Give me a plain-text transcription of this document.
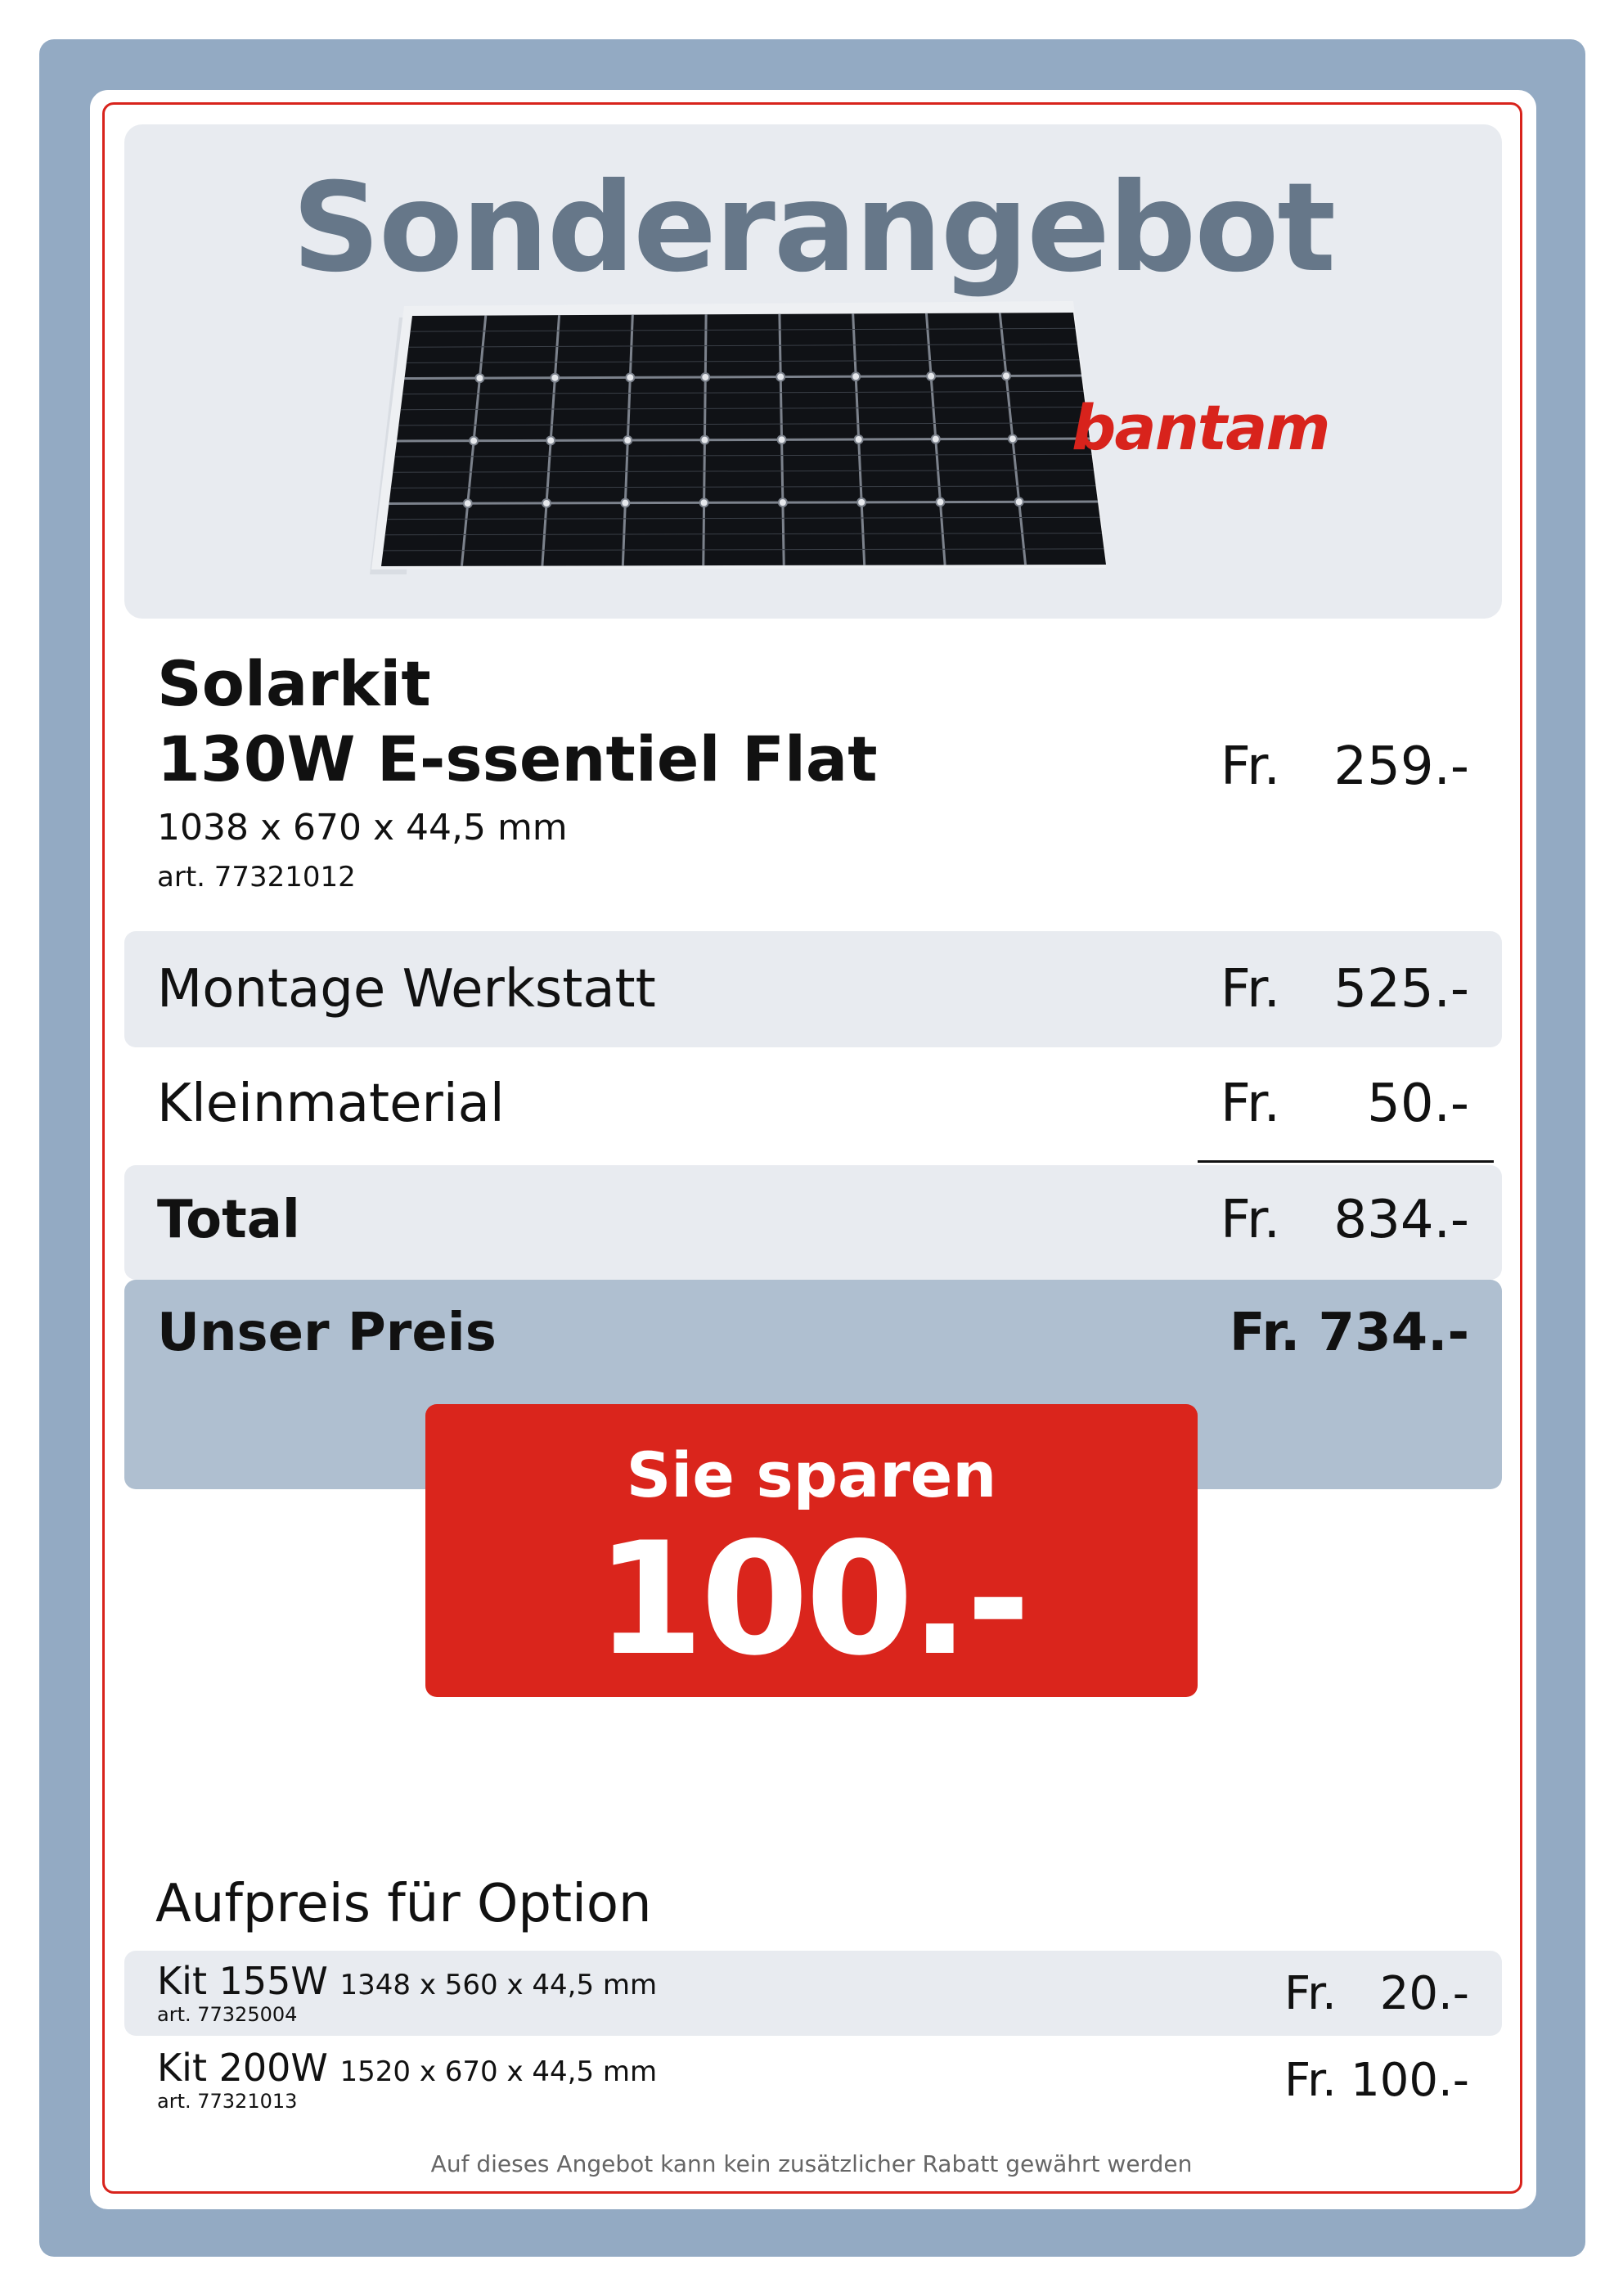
Sonderangebot
bantam
Solarkit
130W E-ssentiel Flat
1038 x 670 x 44,5 mm
art. 77321012
Fr. 259.-
Montage Werkstatt	Fr. 525.-
Kleinmaterial	Fr. 50.-
Total	Fr. 834.-
Unser Preis	Fr. 734.-
Sie sparen
100.-
Aufpreis für Option
Kit 155W 1348 x 560 x 44,5 mm
art. 77325004	Fr. 20.-
Kit 200W 1520 x 670 x 44,5 mm
art. 77321013	Fr. 100.-
Auf dieses Angebot kann kein zusätzlicher Rabatt gewährt werden
